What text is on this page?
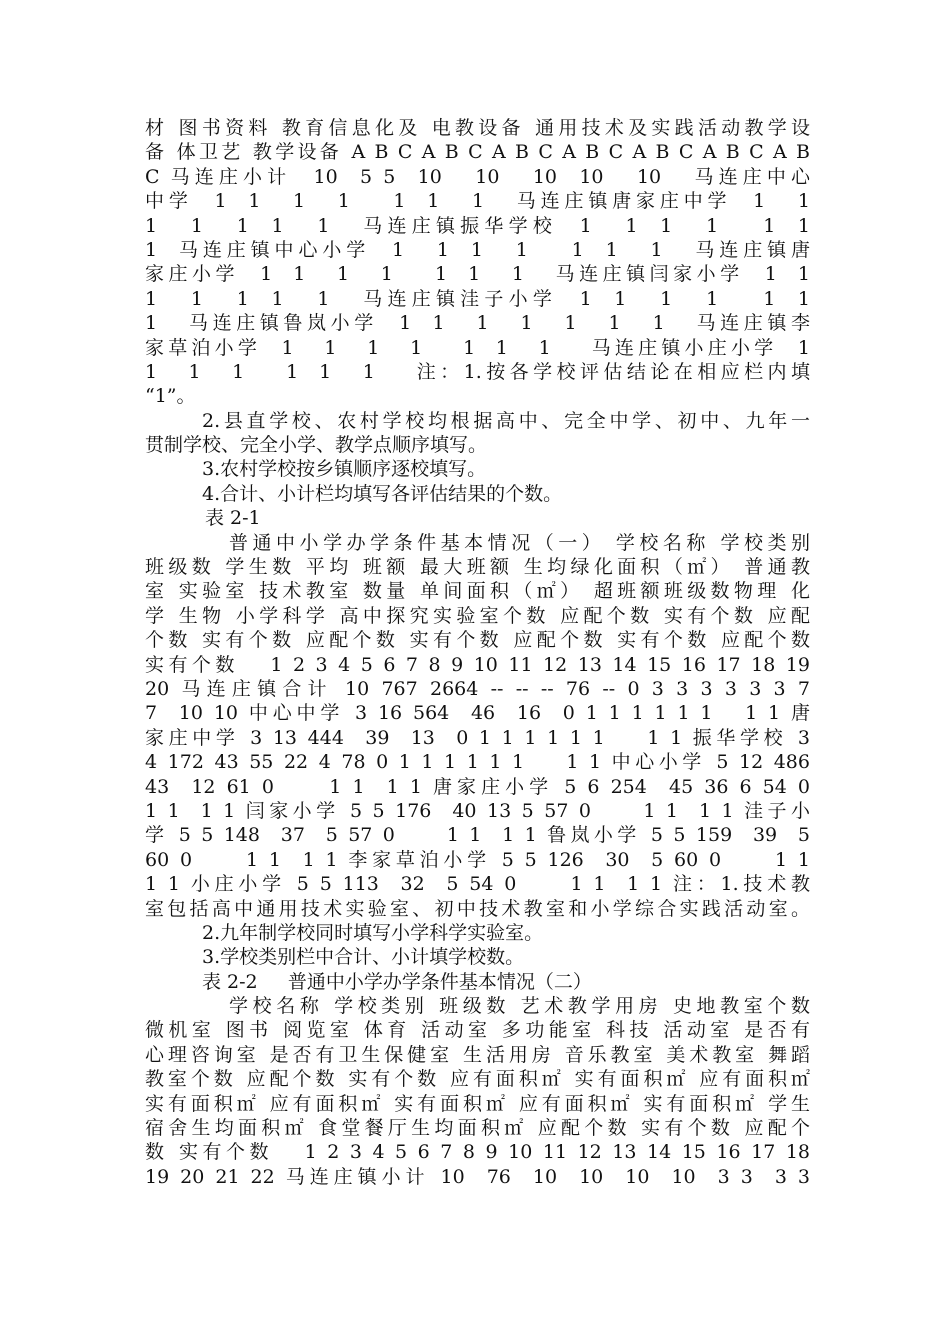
材 图书资料 教育信息化及 电教设备 通用技术及实践活动教学设
备 体卫艺 教学设备 A B C A B C A B C A B C A B C A B C A B
C 马连庄小计  10  5 5  10   10   10  10   10   马连庄中心
中学  1  1   1   1    1  1   1   马连庄镇唐家庄中学  1   1
1   1   1  1   1   马连庄镇振华学校  1   1  1   1    1  1
1  马连庄镇中心小学  1   1  1   1    1  1   1   马连庄镇唐
家庄小学  1  1   1   1    1  1   1   马连庄镇闫家小学  1  1
1   1   1  1   1   马连庄镇洼子小学  1  1   1   1    1  1
1   马连庄镇鲁岚小学  1  1   1   1   1   1   1   马连庄镇李
家草泊小学  1   1   1   1    1  1   1    马连庄镇小庄小学  1
1   1   1    1  1   1    注：1.按各学校评估结论在相应栏内填
“1”。
2.县直学校、农村学校均根据高中、完全中学、初中、九年一
贯制学校、完全小学、教学点顺序填写。
3.农村学校按乡镇顺序逐校填写。
4.合计、小计栏均填写各评估结果的个数。
表 2-1
普通中小学办学条件基本情况（一） 学校名称 学校类别
班级数 学生数 平均 班额 最大班额 生均绿化面积（㎡） 普通教
室 实验室 技术教室 数量 单间面积（㎡） 超班额班级数物理 化
学 生物 小学科学 高中探究实验室个数 应配个数 实有个数 应配
个数 实有个数 应配个数 实有个数 应配个数 实有个数 应配个数
实有个数   1 2 3 4 5 6 7 8 9 10 11 12 13 14 15 16 17 18 19
20 马连庄镇合计 10 767 2664 -- -- -- 76 -- 0 3 3 3 3 3 3 7
7  10 10 中心中学 3 16 564  46  16  0 1 1 1 1 1 1   1 1 唐
家庄中学 3 13 444  39  13  0 1 1 1 1 1 1    1 1 振华学校 3
4 172 43 55 22 4 78 0 1 1 1 1 1 1    1 1 中心小学 5 12 486
43  12 61 0     1 1  1 1 唐家庄小学 5 6 254  45 36 6 54 0
1 1  1 1 闫家小学 5 5 176  40 13 5 57 0     1 1  1 1 洼子小
学 5 5 148  37  5 57 0     1 1  1 1 鲁岚小学 5 5 159  39  5
60 0     1 1  1 1 李家草泊小学 5 5 126  30  5 60 0     1 1
1 1 小庄小学 5 5 113  32  5 54 0     1 1  1 1 注：1.技术教
室包括高中通用技术实验室、初中技术教室和小学综合实践活动室。
2.九年制学校同时填写小学科学实验室。
3.学校类别栏中合计、小计填学校数。
表 2-2     普通中小学办学条件基本情况（二）
学校名称 学校类别 班级数 艺术教学用房 史地教室个数
微机室 图书 阅览室 体育 活动室 多功能室 科技 活动室 是否有
心理咨询室 是否有卫生保健室 生活用房 音乐教室 美术教室 舞蹈
教室个数 应配个数 实有个数 应有面积㎡ 实有面积㎡ 应有面积㎡
实有面积㎡ 应有面积㎡ 实有面积㎡ 应有面积㎡ 实有面积㎡ 学生
宿舍生均面积㎡ 食堂餐厅生均面积㎡ 应配个数 实有个数 应配个
数 实有个数   1 2 3 4 5 6 7 8 9 10 11 12 13 14 15 16 17 18
19 20 21 22 马连庄镇小计 10  76  10  10  10  10  3 3  3 3
